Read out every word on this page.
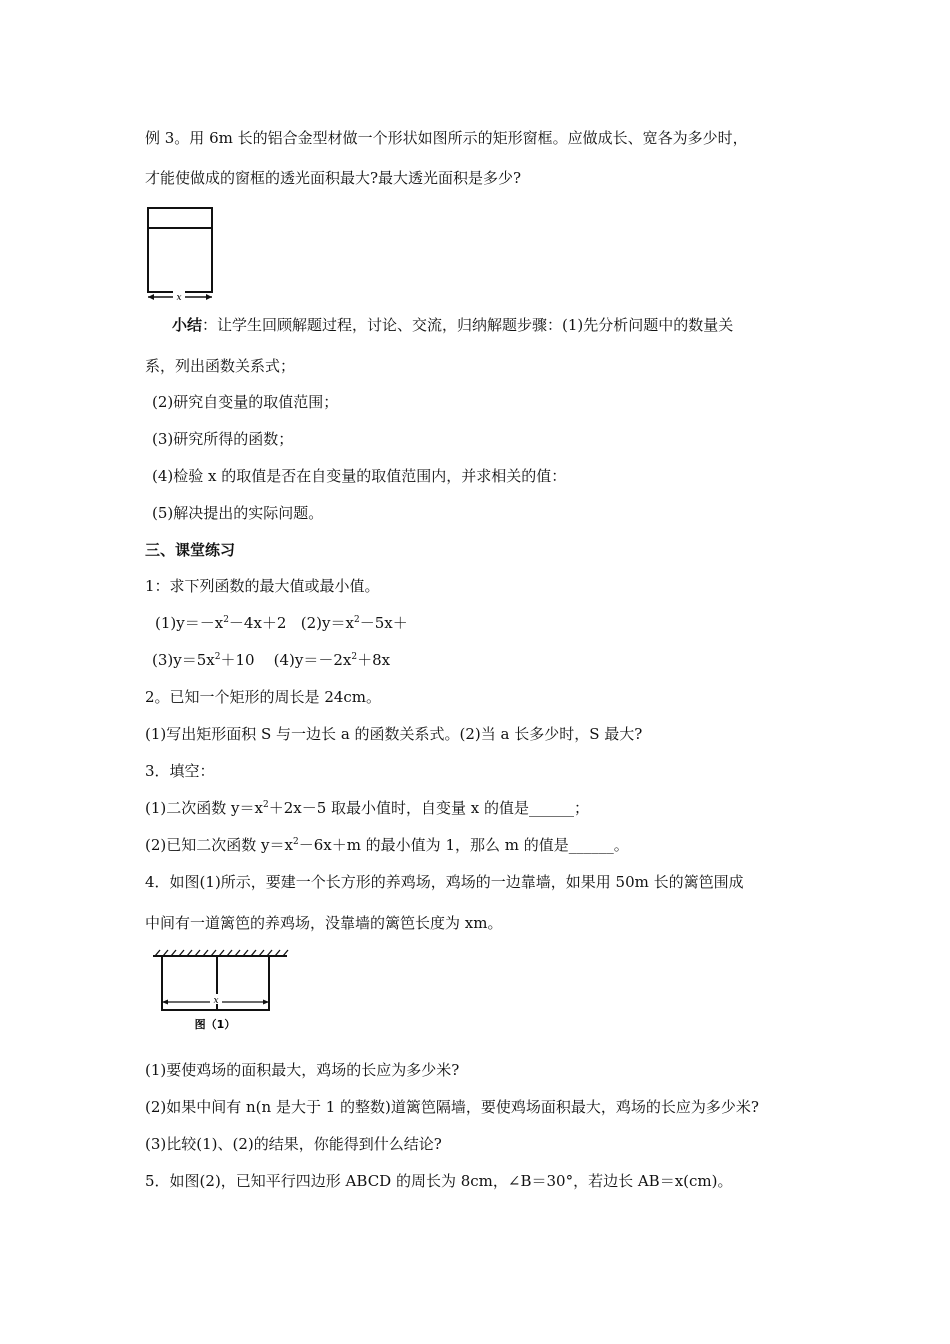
例 3。用 6m 长的铝合金型材做一个形状如图所示的矩形窗框。应做成长、宽各为多少时，
才能使做成的窗框的透光面积最大?最大透光面积是多少?
x
小结：让学生回顾解题过程，讨论、交流，归纳解题步骤：(1)先分析问题中的数量关
系，列出函数关系式；
(2)研究自变量的取值范围；
(3)研究所得的函数；
(4)检验 x 的取值是否在自变量的取值范围内，并求相关的值：
(5)解决提出的实际问题。
三、课堂练习
1：求下列函数的最大值或最小值。
$(1)y=-x^2-4x+2$ $(2)y=x^2-5x+$
$(3)y=5x^2+10$ $(4)y=-2x^2+8x$
2。已知一个矩形的周长是 24cm。
(1)写出矩形面积 S 与一边长 a 的函数关系式。(2)当 a 长多少时，S 最大?
3．填空：
(1)二次函数 $y=x^2+2x-5$ 取最小值时，自变量 x 的值是______；
(2)已知二次函数 $y=x^2-6x+m$ 的最小值为 1，那么 m 的值是______。
4．如图(1)所示，要建一个长方形的养鸡场，鸡场的一边靠墙，如果用 50m 长的篱笆围成
中间有一道篱笆的养鸡场，没靠墙的篱笆长度为 xm。
x
图（1）
(1)要使鸡场的面积最大，鸡场的长应为多少米?
(2)如果中间有 n(n 是大于 1 的整数)道篱笆隔墙，要使鸡场面积最大，鸡场的长应为多少米?
(3)比较(1)、(2)的结果，你能得到什么结论?
5．如图(2)，已知平行四边形 ABCD 的周长为 8cm，∠B＝30°，若边长 AB＝x(cm)。
